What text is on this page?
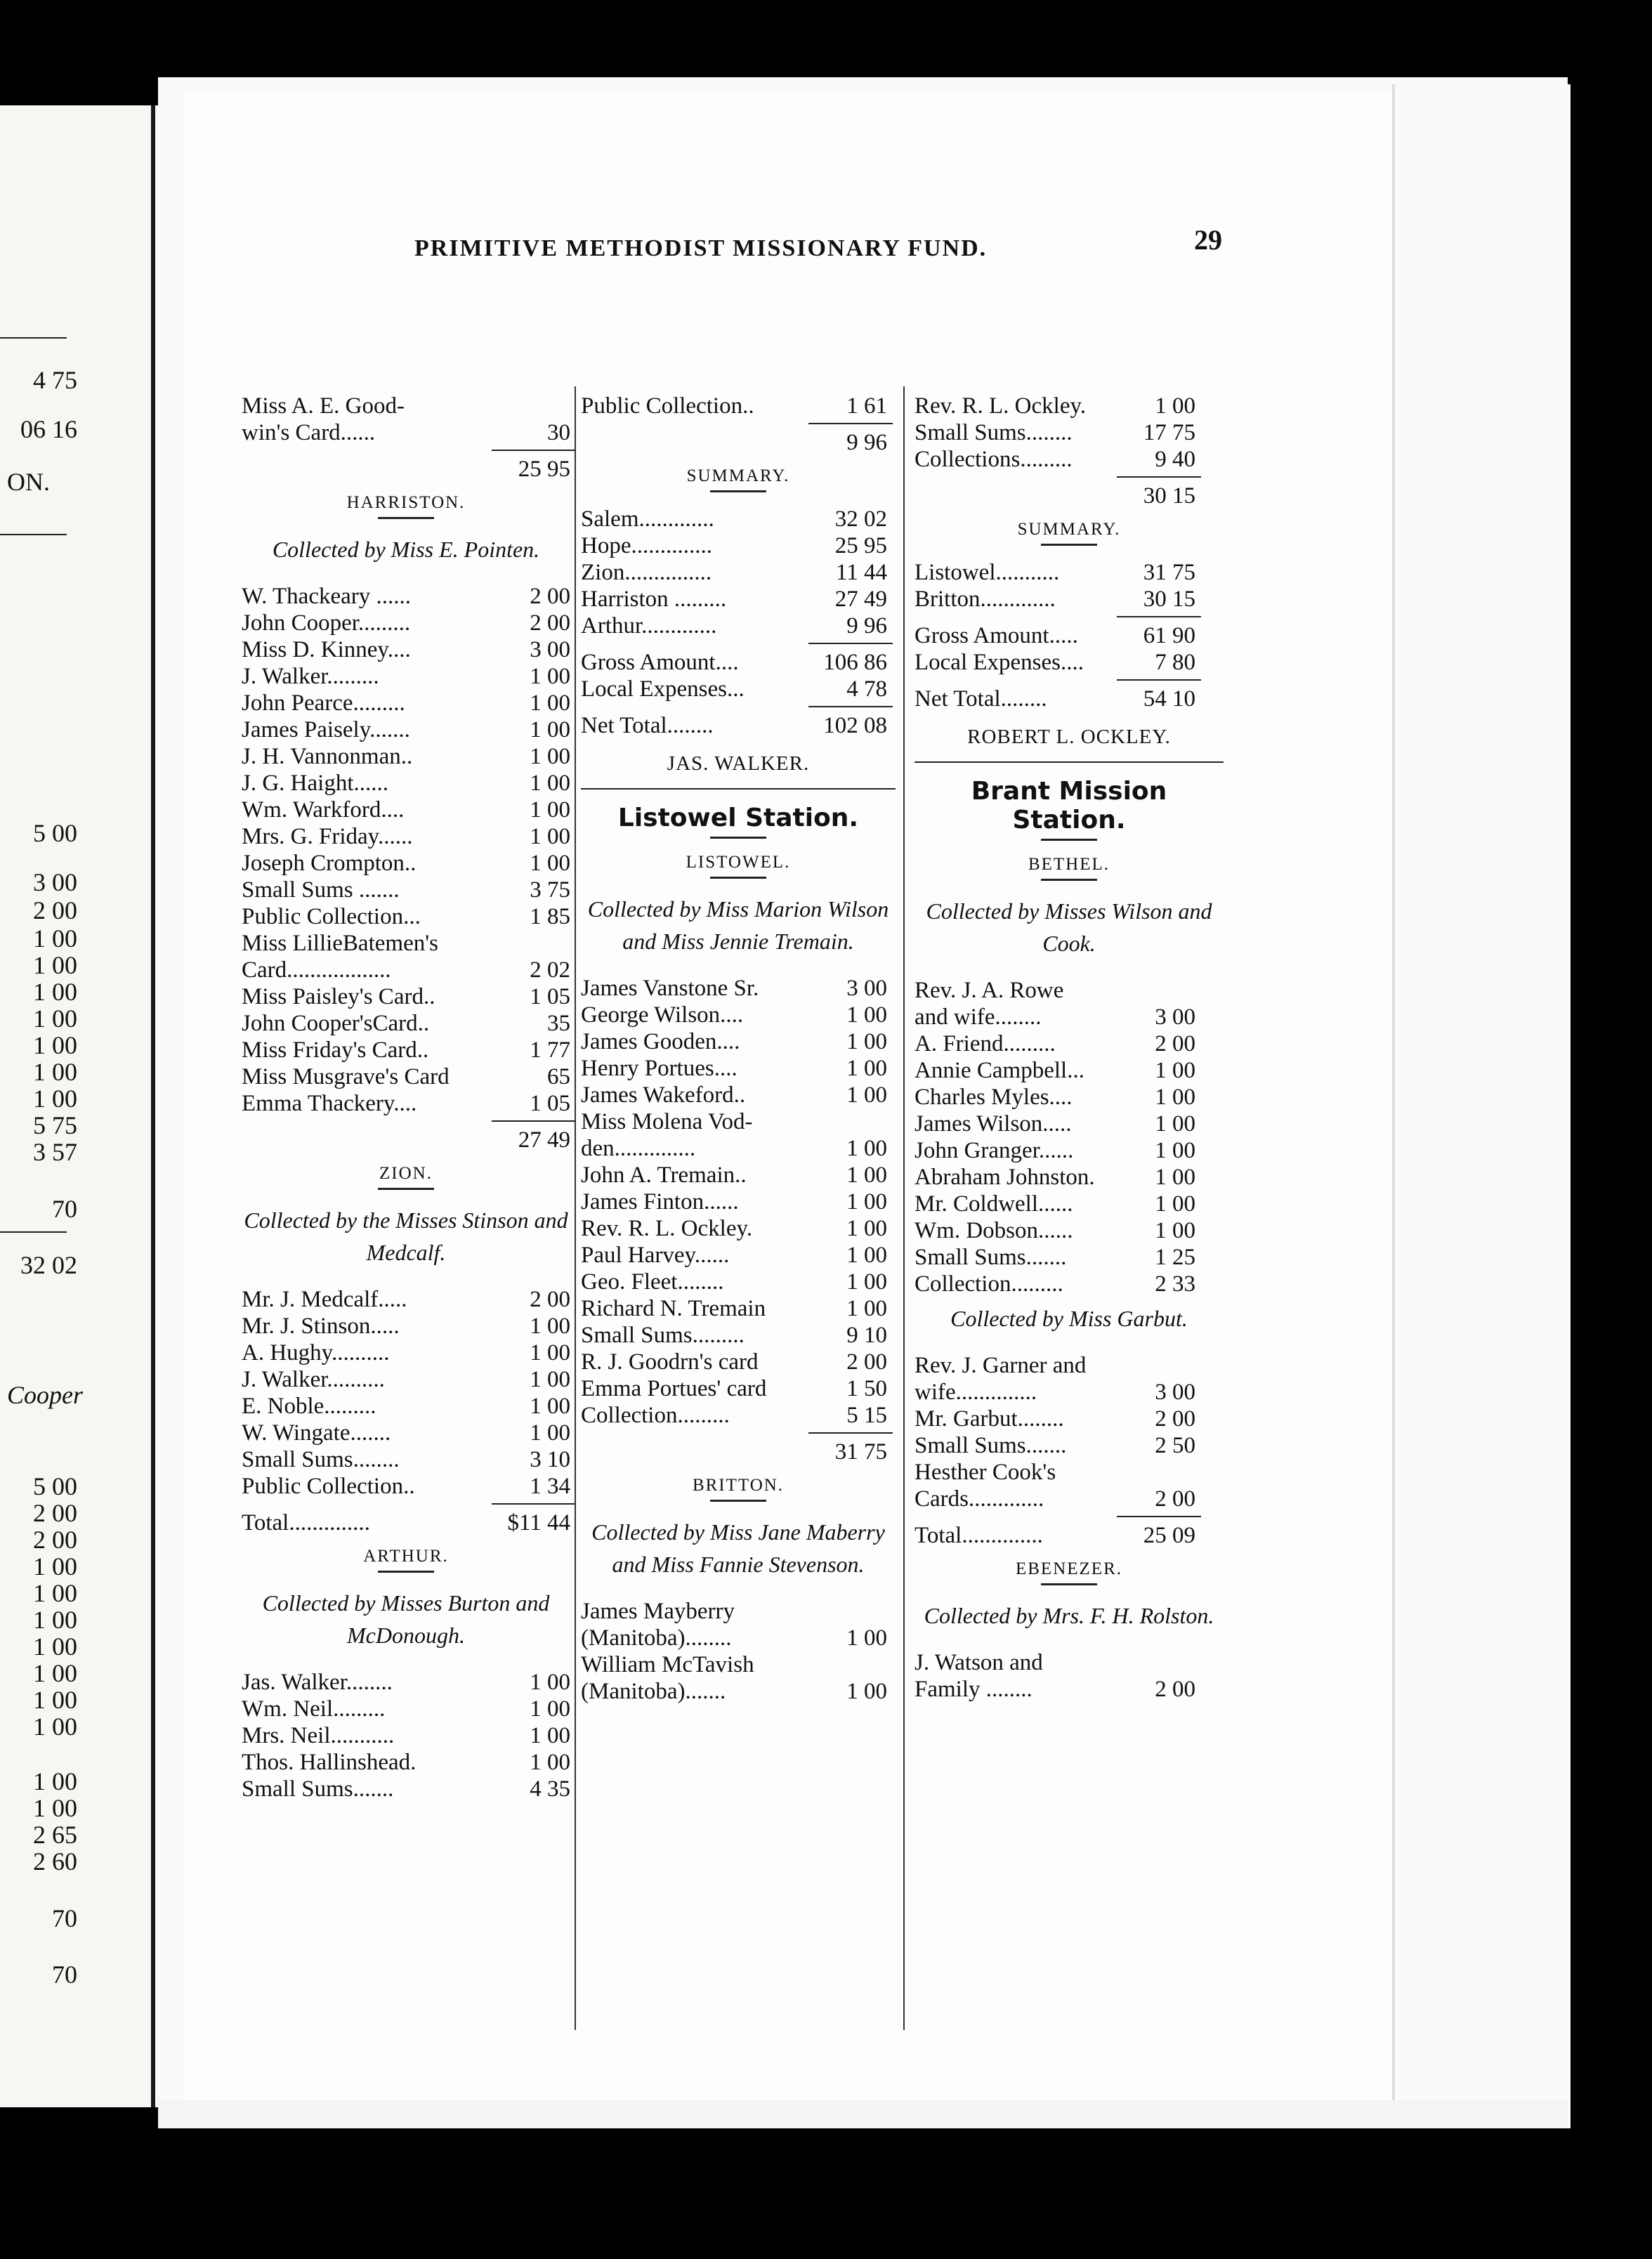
4 75
06 16
ON.
5 00
3 00
2 00
1 00
1 00
1 00
1 00
1 00
1 00
1 00
5 75
3 57
70
32 02
Cooper
5 00
2 00
2 00
1 00
1 00
1 00
1 00
1 00
1 00
1 00
1 00
1 00
2 65
2 60
70
70
Miss A. E. Good-
win's Card......	30
25 95
HARRISTON.
Collected by Miss E. Pointen.
W. Thackeary ......	2 00
John Cooper.........	2 00
Miss D. Kinney....	3 00
J. Walker.........	1 00
John Pearce.........	1 00
James Paisely.......	1 00
J. H. Vannonman..	1 00
J. G. Haight......	1 00
Wm. Warkford....	1 00
Mrs. G. Friday......	1 00
Joseph Crompton..	1 00
Small Sums .......	3 75
Public Collection...	1 85
Miss LillieBatemen's
Card..................	2 02
Miss Paisley's Card..	1 05
John Cooper'sCard..	35
Miss Friday's Card..	1 77
Miss Musgrave's Card	65
Emma Thackery....	1 05
27 49
ZION.
Collected by the Misses Stinson and Medcalf.
Mr. J. Medcalf.....	2 00
Mr. J. Stinson.....	1 00
A. Hughy..........	1 00
J. Walker..........	1 00
E. Noble.........	1 00
W. Wingate.......	1 00
Small Sums........	3 10
Public Collection..	1 34
Total..............	$11 44
ARTHUR.
Collected by Misses Burton and McDonough.
Jas. Walker........	1 00
Wm. Neil.........	1 00
Mrs. Neil...........	1 00
Thos. Hallinshead.	1 00
Small Sums.......	4 35
Public Collection..	1 61
9 96
SUMMARY.
Salem.............	32 02
Hope..............	25 95
Zion...............	11 44
Harriston .........	27 49
Arthur.............	9 96
Gross Amount....	106 86
Local Expenses...	4 78
Net Total........	102 08
JAS. WALKER.
Listowel Station.
LISTOWEL.
Collected by Miss Marion Wilson and Miss Jennie Tremain.
James Vanstone Sr.	3 00
George Wilson....	1 00
James Gooden....	1 00
Henry Portues....	1 00
James Wakeford..	1 00
Miss Molena Vod-
den..............	1 00
John A. Tremain..	1 00
James Finton......	1 00
Rev. R. L. Ockley.	1 00
Paul Harvey......	1 00
Geo. Fleet........	1 00
Richard N. Tremain	1 00
Small Sums.........	9 10
R. J. Goodrn's card	2 00
Emma Portues' card	1 50
Collection.........	5 15
31 75
BRITTON.
Collected by Miss Jane Maberry and Miss Fannie Stevenson.
James Mayberry
(Manitoba)........	1 00
William McTavish
(Manitoba).......	1 00
Rev. R. L. Ockley.	1 00
Small Sums........	17 75
Collections.........	9 40
30 15
SUMMARY.
Listowel...........	31 75
Britton.............	30 15
Gross Amount.....	61 90
Local Expenses....	7 80
Net Total........	54 10
ROBERT L. OCKLEY.
Brant Mission Station.
BETHEL.
Collected by Misses Wilson and Cook.
Rev. J. A. Rowe
and wife........	3 00
A. Friend.........	2 00
Annie Campbell...	1 00
Charles Myles....	1 00
James Wilson.....	1 00
John Granger......	1 00
Abraham Johnston.	1 00
Mr. Coldwell......	1 00
Wm. Dobson......	1 00
Small Sums.......	1 25
Collection.........	2 33
Collected by Miss Garbut.
Rev. J. Garner and
wife..............	3 00
Mr. Garbut........	2 00
Small Sums.......	2 50
Hesther Cook's
Cards.............	2 00
Total..............	25 09
EBENEZER.
Collected by Mrs. F. H. Rolston.
J. Watson and
Family ........	2 00
PRIMITIVE METHODIST MISSIONARY FUND.	29
